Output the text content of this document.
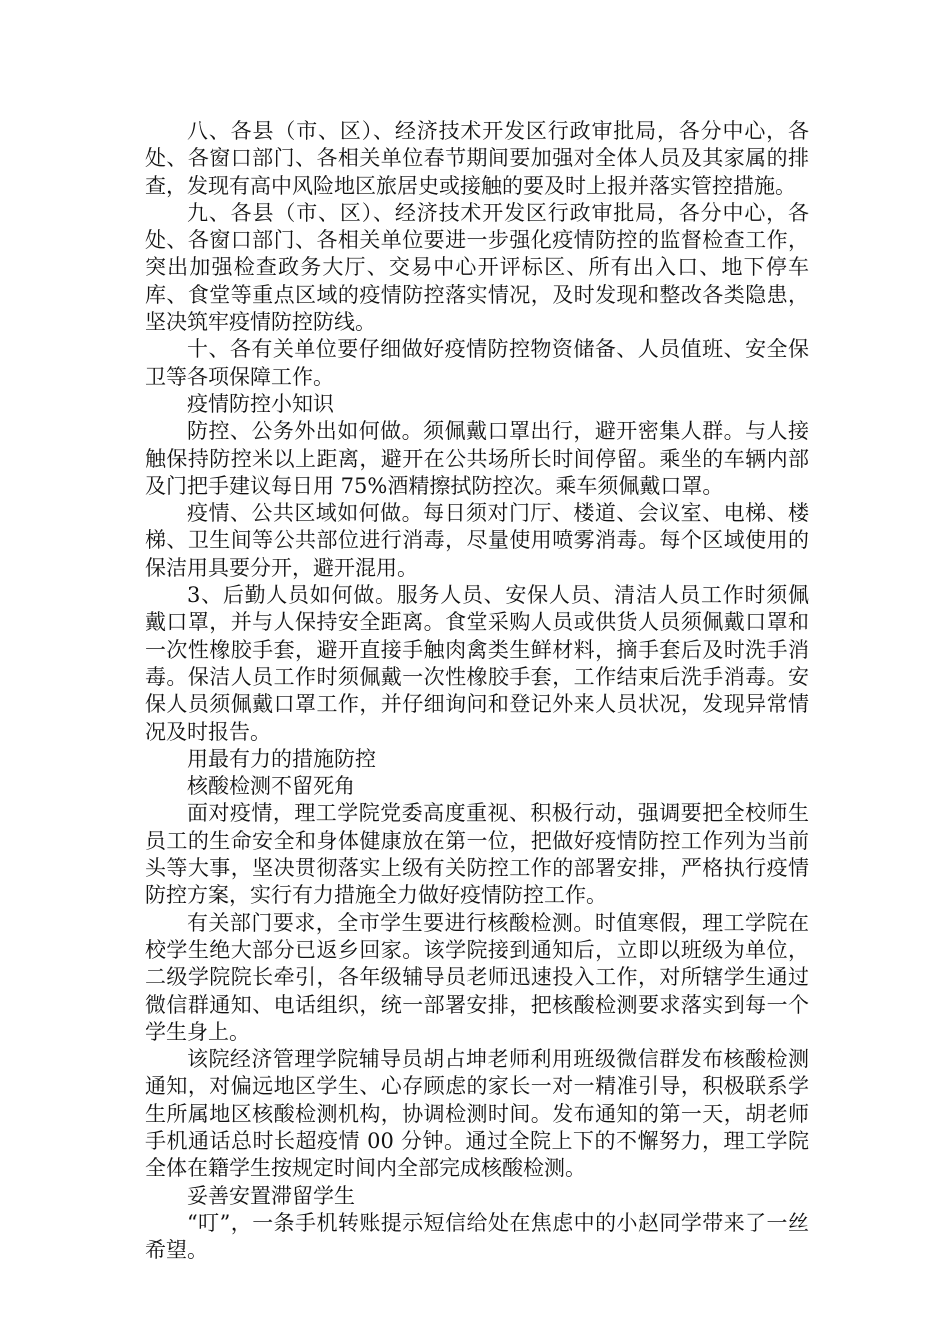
八、各县（市、区）、经济技术开发区行政审批局，各分中心，各处、各窗口部门、各相关单位春节期间要加强对全体人员及其家属的排查，发现有高中风险地区旅居史或接触的要及时上报并落实管控措施。

九、各县（市、区）、经济技术开发区行政审批局，各分中心，各处、各窗口部门、各相关单位要进一步强化疫情防控的监督检查工作，突出加强检查政务大厅、交易中心开评标区、所有出入口、地下停车库、食堂等重点区域的疫情防控落实情况，及时发现和整改各类隐患，坚决筑牢疫情防控防线。

十、各有关单位要仔细做好疫情防控物资储备、人员值班、安全保卫等各项保障工作。

疫情防控小知识

防控、公务外出如何做。须佩戴口罩出行，避开密集人群。与人接触保持防控米以上距离，避开在公共场所长时间停留。乘坐的车辆内部及门把手建议每日用 75%酒精擦拭防控次。乘车须佩戴口罩。

疫情、公共区域如何做。每日须对门厅、楼道、会议室、电梯、楼梯、卫生间等公共部位进行消毒，尽量使用喷雾消毒。每个区域使用的保洁用具要分开，避开混用。

3、后勤人员如何做。服务人员、安保人员、清洁人员工作时须佩戴口罩，并与人保持安全距离。食堂采购人员或供货人员须佩戴口罩和一次性橡胶手套，避开直接手触肉禽类生鲜材料，摘手套后及时洗手消毒。保洁人员工作时须佩戴一次性橡胶手套，工作结束后洗手消毒。安保人员须佩戴口罩工作，并仔细询问和登记外来人员状况，发现异常情况及时报告。

用最有力的措施防控

核酸检测不留死角

面对疫情，理工学院党委高度重视、积极行动，强调要把全校师生员工的生命安全和身体健康放在第一位，把做好疫情防控工作列为当前头等大事，坚决贯彻落实上级有关防控工作的部署安排，严格执行疫情防控方案，实行有力措施全力做好疫情防控工作。

有关部门要求，全市学生要进行核酸检测。时值寒假，理工学院在校学生绝大部分已返乡回家。该学院接到通知后，立即以班级为单位，二级学院院长牵引，各年级辅导员老师迅速投入工作，对所辖学生通过微信群通知、电话组织，统一部署安排，把核酸检测要求落实到每一个学生身上。

该院经济管理学院辅导员胡占坤老师利用班级微信群发布核酸检测通知，对偏远地区学生、心存顾虑的家长一对一精准引导，积极联系学生所属地区核酸检测机构，协调检测时间。发布通知的第一天，胡老师手机通话总时长超疫情 00 分钟。通过全院上下的不懈努力，理工学院全体在籍学生按规定时间内全部完成核酸检测。

妥善安置滞留学生

“叮”，一条手机转账提示短信给处在焦虑中的小赵同学带来了一丝希望。
